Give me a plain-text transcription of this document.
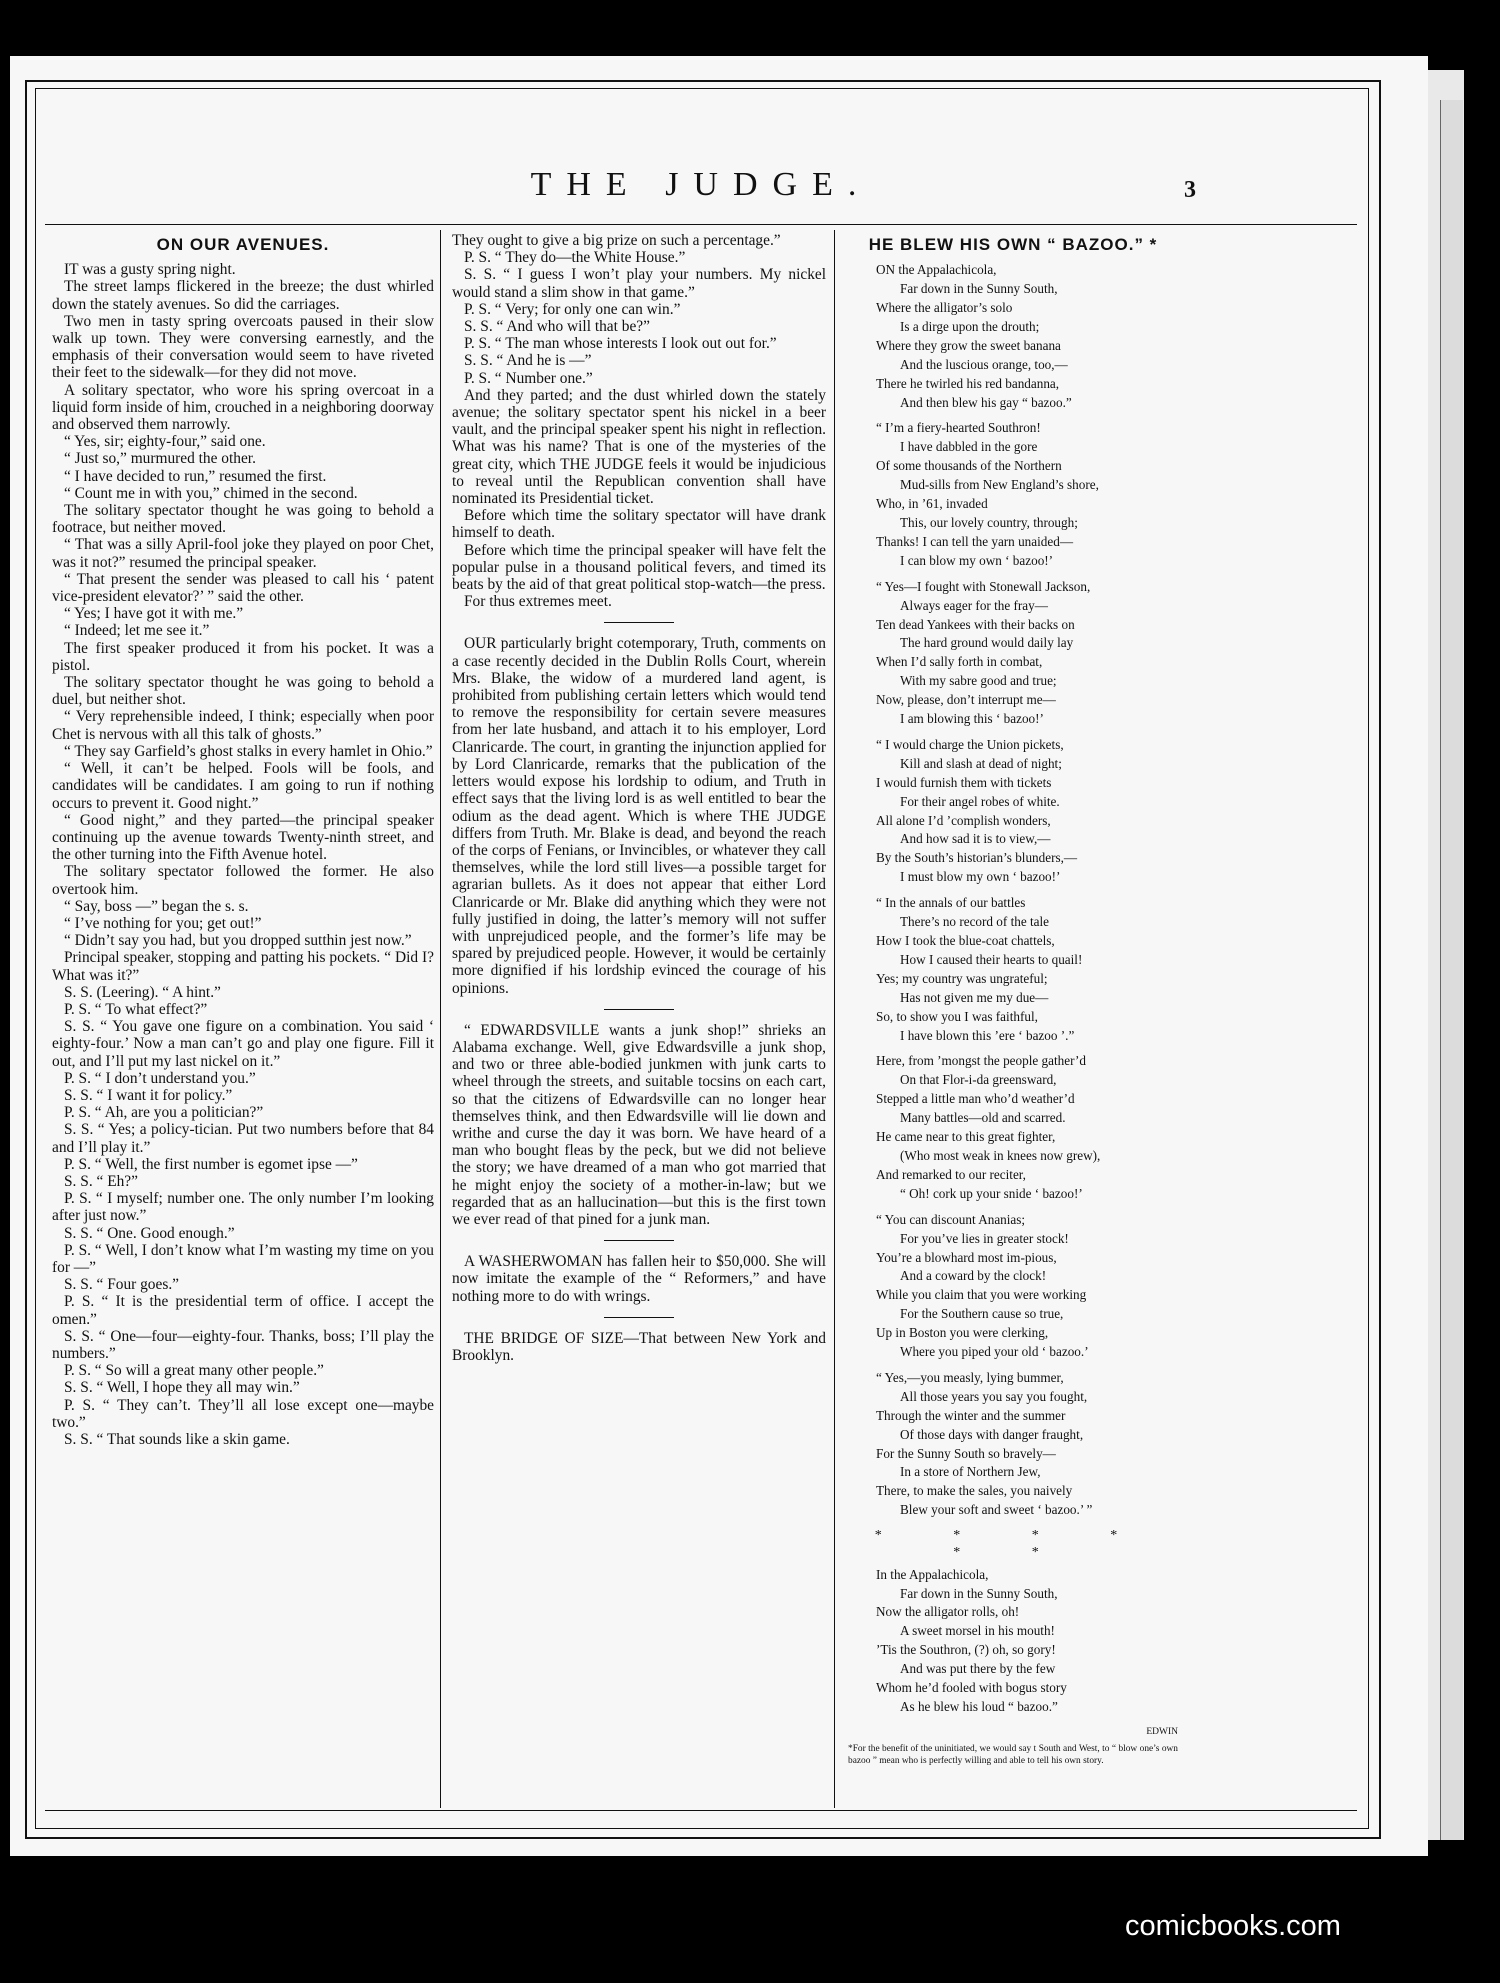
THE JUDGE.	3
ON OUR AVENUES.

IT was a gusty spring night.

The street lamps flickered in the breeze; the dust whirled down the stately avenues. So did the carriages.

Two men in tasty spring overcoats paused in their slow walk up town. They were conversing earnestly, and the emphasis of their conversation would seem to have riveted their feet to the sidewalk—for they did not move.

A solitary spectator, who wore his spring overcoat in a liquid form inside of him, crouched in a neighboring doorway and observed them narrowly.

“ Yes, sir; eighty-four,” said one.

“ Just so,” murmured the other.

“ I have decided to run,” resumed the first.

“ Count me in with you,” chimed in the second.

The solitary spectator thought he was going to behold a footrace, but neither moved.

“ That was a silly April-fool joke they played on poor Chet, was it not?” resumed the principal speaker.

“ That present the sender was pleased to call his ‘ patent vice-president elevator?’ ” said the other.

“ Yes; I have got it with me.”

“ Indeed; let me see it.”

The first speaker produced it from his pocket. It was a pistol.

The solitary spectator thought he was going to behold a duel, but neither shot.

“ Very reprehensible indeed, I think; especially when poor Chet is nervous with all this talk of ghosts.”

“ They say Garfield’s ghost stalks in every hamlet in Ohio.”

“ Well, it can’t be helped. Fools will be fools, and candidates will be candidates. I am going to run if nothing occurs to prevent it. Good night.”

“ Good night,” and they parted—the principal speaker continuing up the avenue towards Twenty-ninth street, and the other turning into the Fifth Avenue hotel.

The solitary spectator followed the former. He also overtook him.

“ Say, boss —” began the s. s.

“ I’ve nothing for you; get out!”

“ Didn’t say you had, but you dropped sutthin jest now.”

Principal speaker, stopping and patting his pockets. “ Did I? What was it?”

S. S. (Leering). “ A hint.”

P. S. “ To what effect?”

S. S. “ You gave one figure on a combination. You said ‘ eighty-four.’ Now a man can’t go and play one figure. Fill it out, and I’ll put my last nickel on it.”

P. S. “ I don’t understand you.”

S. S. “ I want it for policy.”

P. S. “ Ah, are you a politician?”

S. S. “ Yes; a policy-tician. Put two numbers before that 84 and I’ll play it.”

P. S. “ Well, the first number is egomet ipse —”

S. S. “ Eh?”

P. S. “ I myself; number one. The only number I’m looking after just now.”

S. S. “ One. Good enough.”

P. S. “ Well, I don’t know what I’m wasting my time on you for —”

S. S. “ Four goes.”

P. S. “ It is the presidential term of office. I accept the omen.”

S. S. “ One—four—eighty-four. Thanks, boss; I’ll play the numbers.”

P. S. “ So will a great many other people.”

S. S. “ Well, I hope they all may win.”

P. S. “ They can’t. They’ll all lose except one—maybe two.”

S. S. “ That sounds like a skin game.

They ought to give a big prize on such a percentage.”

P. S. “ They do—the White House.”

S. S. “ I guess I won’t play your numbers. My nickel would stand a slim show in that game.”

P. S. “ Very; for only one can win.”

S. S. “ And who will that be?”

P. S. “ The man whose interests I look out out for.”

S. S. “ And he is —”

P. S. “ Number one.”

And they parted; and the dust whirled down the stately avenue; the solitary spectator spent his nickel in a beer vault, and the principal speaker spent his night in reflection. What was his name? That is one of the mysteries of the great city, which THE JUDGE feels it would be injudicious to reveal until the Republican convention shall have nominated its Presidential ticket.

Before which time the solitary spectator will have drank himself to death.

Before which time the principal speaker will have felt the popular pulse in a thousand political fevers, and timed its beats by the aid of that great political stop-watch—the press.

For thus extremes meet.

OUR particularly bright cotemporary, Truth, comments on a case recently decided in the Dublin Rolls Court, wherein Mrs. Blake, the widow of a murdered land agent, is prohibited from publishing certain letters which would tend to remove the responsibility for certain severe measures from her late husband, and attach it to his employer, Lord Clanricarde. The court, in granting the injunction applied for by Lord Clanricarde, remarks that the publication of the letters would expose his lordship to odium, and Truth in effect says that the living lord is as well entitled to bear the odium as the dead agent. Which is where THE JUDGE differs from Truth. Mr. Blake is dead, and beyond the reach of the corps of Fenians, or Invincibles, or whatever they call themselves, while the lord still lives—a possible target for agrarian bullets. As it does not appear that either Lord Clanricarde or Mr. Blake did anything which they were not fully justified in doing, the latter’s memory will not suffer with unprejudiced people, and the former’s life may be spared by prejudiced people. However, it would be certainly more dignified if his lordship evinced the courage of his opinions.

“ EDWARDSVILLE wants a junk shop!” shrieks an Alabama exchange. Well, give Edwardsville a junk shop, and two or three able-bodied junkmen with junk carts to wheel through the streets, and suitable tocsins on each cart, so that the citizens of Edwardsville can no longer hear themselves think, and then Edwardsville will lie down and writhe and curse the day it was born. We have heard of a man who bought fleas by the peck, but we did not believe the story; we have dreamed of a man who got married that he might enjoy the society of a mother-in-law; but we regarded that as an hallucination—but this is the first town we ever read of that pined for a junk man.

A WASHERWOMAN has fallen heir to $50,000. She will now imitate the example of the “ Reformers,” and have nothing more to do with wrings.

THE BRIDGE OF SIZE—That between New York and Brooklyn.

HE BLEW HIS OWN “ BAZOO.” *
ON the Appalachicola,
Far down in the Sunny South,
Where the alligator’s solo
Is a dirge upon the drouth;
Where they grow the sweet banana
And the luscious orange, too,—
There he twirled his red bandanna,
And then blew his gay “ bazoo.”
“ I’m a fiery-hearted Southron!
I have dabbled in the gore
Of some thousands of the Northern
Mud-sills from New England’s shore,
Who, in ’61, invaded
This, our lovely country, through;
Thanks! I can tell the yarn unaided—
I can blow my own ‘ bazoo!’
“ Yes—I fought with Stonewall Jackson,
Always eager for the fray—
Ten dead Yankees with their backs on
The hard ground would daily lay
When I’d sally forth in combat,
With my sabre good and true;
Now, please, don’t interrupt me—
I am blowing this ‘ bazoo!’
“ I would charge the Union pickets,
Kill and slash at dead of night;
I would furnish them with tickets
For their angel robes of white.
All alone I’d ’complish wonders,
And how sad it is to view,—
By the South’s historian’s blunders,—
I must blow my own ‘ bazoo!’
“ In the annals of our battles
There’s no record of the tale
How I took the blue-coat chattels,
How I caused their hearts to quail!
Yes; my country was ungrateful;
Has not given me my due—
So, to show you I was faithful,
I have blown this ’ere ‘ bazoo ’.”
Here, from ’mongst the people gather’d
On that Flor-i-da greensward,
Stepped a little man who’d weather’d
Many battles—old and scarred.
He came near to this great fighter,
(Who most weak in knees now grew),
And remarked to our reciter,
“ Oh! cork up your snide ‘ bazoo!’
“ You can discount Ananias;
For you’ve lies in greater stock!
You’re a blowhard most im-pious,
And a coward by the clock!
While you claim that you were working
For the Southern cause so true,
Up in Boston you were clerking,
Where you piped your old ‘ bazoo.’
“ Yes,—you measly, lying bummer,
All those years you say you fought,
Through the winter and the summer
Of those days with danger fraught,
For the Sunny South so bravely—
In a store of Northern Jew,
There, to make the sales, you naively
Blew your soft and sweet ‘ bazoo.’ ”
* * * * * *
In the Appalachicola,
Far down in the Sunny South,
Now the alligator rolls, oh!
A sweet morsel in his mouth!
’Tis the Southron, (?) oh, so gory!
And was put there by the few
Whom he’d fooled with bogus story
As he blew his loud “ bazoo.”
EDWIN
*For the benefit of the uninitiated, we would say t South and West, to “ blow one’s own bazoo ” mean who is perfectly willing and able to tell his own story.
comicbooks.com
